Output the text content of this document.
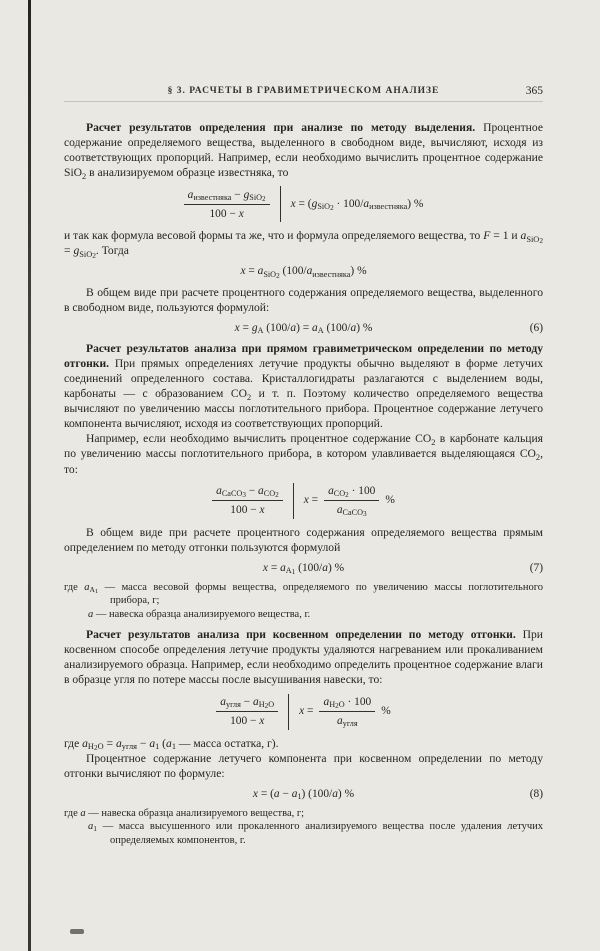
§ 3. РАСЧЕТЫ В ГРАВИМЕТРИЧЕСКОМ АНАЛИЗЕ	365

Расчет результатов определения при анализе по методу выделения. Процентное содержание определяемого вещества, выделенного в свободном виде, вычисляют, исходя из соответствующих пропорций. Например, если необходимо вычислить процентное содержание SiO$_2$ в анализируемом образце известняка, то

$\frac{a_{известняка} - g_{SiO_2}}{100 - x}$ $x = (g_{SiO_2} \cdot 100/a_{известняка})$ %

и так как формула весовой формы та же, что и формула определяемого вещества, то F = 1 и $a_{SiO_2} = g_{SiO_2}$. Тогда

$x = a_{SiO_2}$ $(100/a_{известняка})$ %

В общем виде при расчете процентного содержания определяемого вещества, выделенного в свободном виде, пользуются формулой:

$x = g_A$ $(100/a) = a_A$ (100/a) %	(6)

Расчет результатов анализа при прямом гравиметрическом определении по методу отгонки. При прямых определениях летучие продукты обычно выделяют в форме летучих соединений определенного состава. Кристаллогидраты разлагаются с выделением воды, карбонаты — с образованием $CO_2$ и т. п. Поэтому количество определяемого вещества вычисляют по увеличению массы поглотительного прибора. Процентное содержание летучего компонента вычисляют, исходя из соответствующих пропорций.

Например, если необходимо вычислить процентное содержание $CO_2$ в карбонате кальция по увеличению массы поглотительного прибора, в котором улавливается выделяющаяся $CO_2$, то:

$\frac{a_{CaCO_3} - a_{CO_2}}{100 - x}$ $x = \frac{a_{CO_2} \cdot 100}{a_{CaCO_3}}$ %

В общем виде при расчете процентного содержания определяемого вещества прямым определением по методу отгонки пользуются формулой

$x = a_{A_1}$ (100/a) %	(7)
где $a_{A_1}$ — масса весовой формы вещества, определяемого по увеличению массы поглотительного прибора, г;
a — навеска образца анализируемого вещества, г.

Расчет результатов анализа при косвенном определении по методу отгонки. При косвенном способе определения летучие продукты удаляются нагреванием или прокаливанием анализируемого образца. Например, если необходимо определить процентное содержание влаги в образце угля по потере массы после высушивания навески, то:

$\frac{a_{угля} - a_{H_2O}}{100 - x}$ $x = \frac{a_{H_2O} \cdot 100}{a_{угля}}$ %

где $a_{H_2O} = a_{угля} - a_1$ ($a_1$ — масса остатка, г).

Процентное содержание летучего компонента при косвенном определении по методу отгонки вычисляют по формуле:

$x = (a - a_1)$ (100/a) %	(8)
где a — навеска образца анализируемого вещества, г;
$a_1$ — масса высушенного или прокаленного анализируемого вещества после удаления летучих определяемых компонентов, г.
